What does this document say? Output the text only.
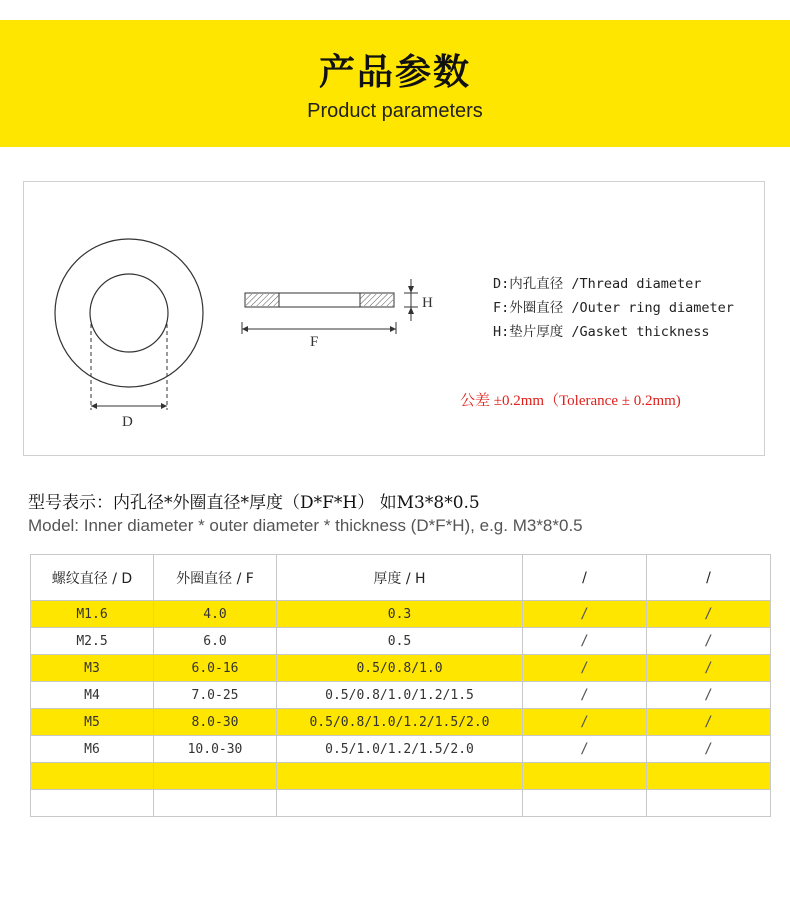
产品参数
Product parameters
D
F
H
D:内孔直径 /Thread diameter
F:外圈直径 /Outer ring diameter
H:垫片厚度 /Gasket thickness
公差 ±0.2mm（Tolerance ± 0.2mm)
型号表示：内孔径*外圈直径*厚度（D*F*H） 如M3*8*0.5
Model: Inner diameter * outer diameter * thickness (D*F*H), e.g. M3*8*0.5
螺纹直径 / D	外圈直径 / F	厚度 / H	/	/
M1.6	4.0	0.3	/	/
M2.5	6.0	0.5	/	/
M3	6.0-16	0.5/0.8/1.0	/	/
M4	7.0-25	0.5/0.8/1.0/1.2/1.5	/	/
M5	8.0-30	0.5/0.8/1.0/1.2/1.5/2.0	/	/
M6	10.0-30	0.5/1.0/1.2/1.5/2.0	/	/
